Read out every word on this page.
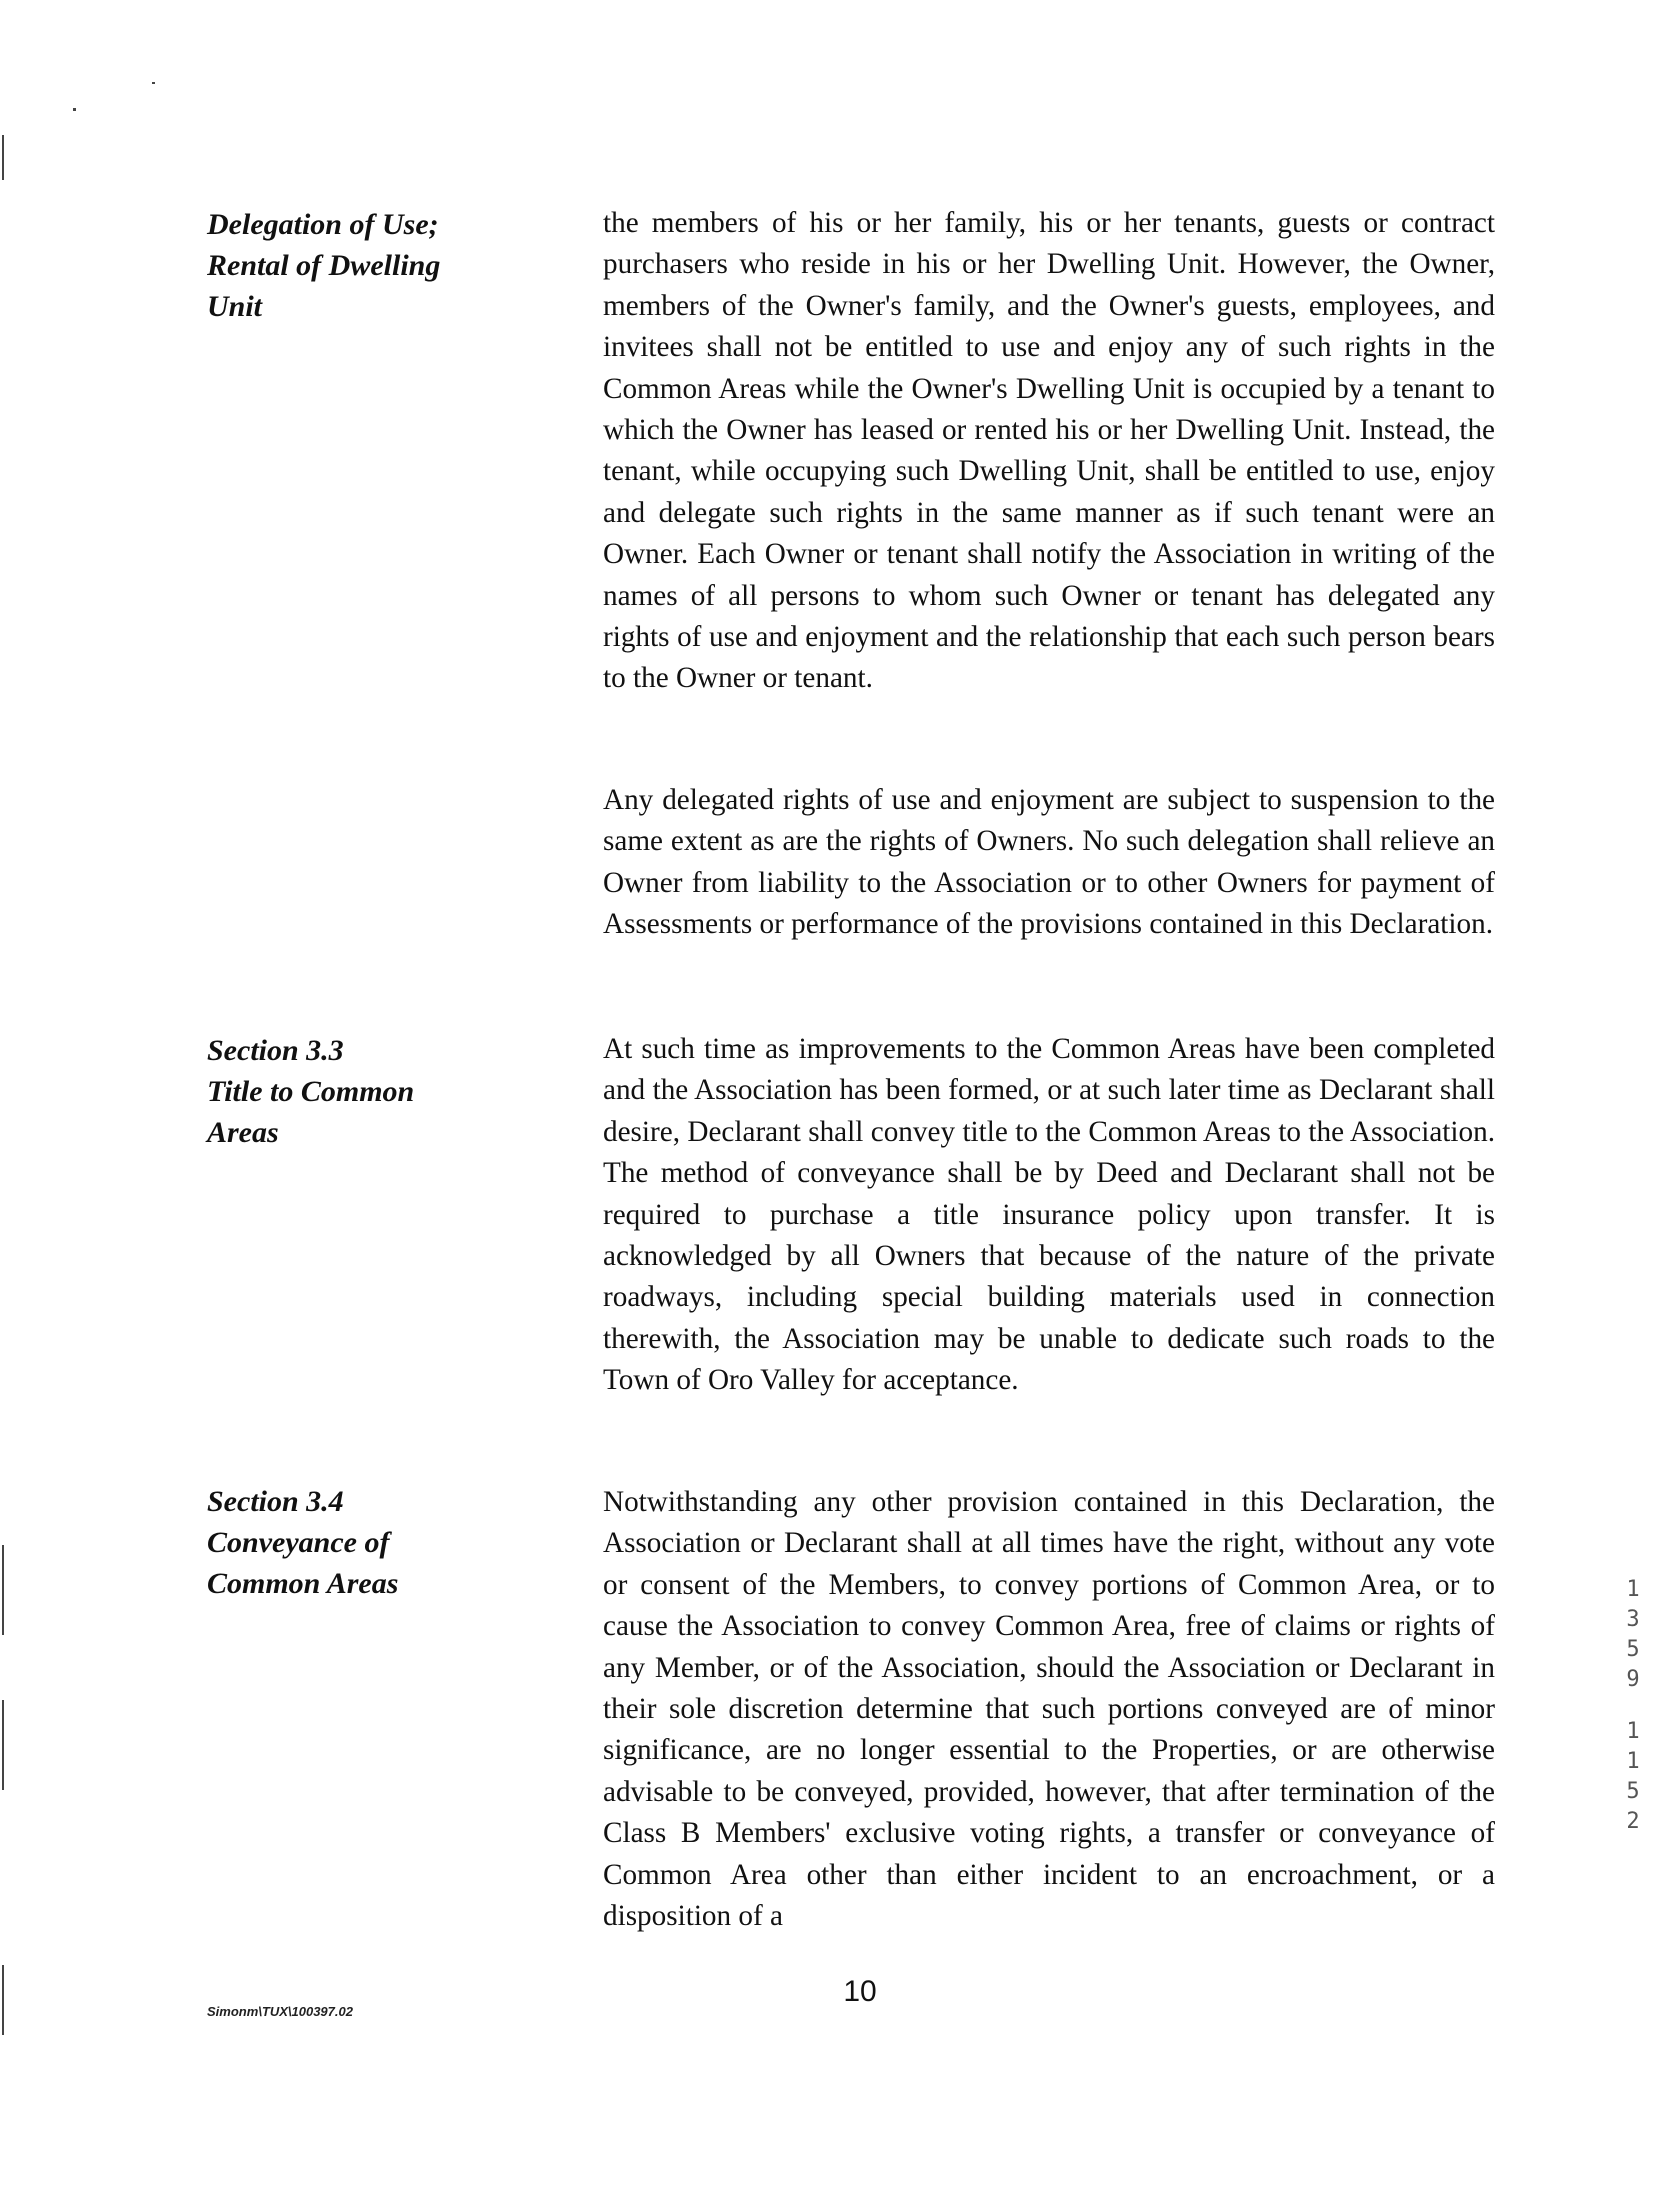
Delegation of Use;
Rental of Dwelling
Unit
the members of his or her family, his or her tenants, guests or contract purchasers who reside in his or her Dwelling Unit. However, the Owner, members of the Owner's family, and the Owner's guests, employees, and invitees shall not be entitled to use and enjoy any of such rights in the Common Areas while the Owner's Dwelling Unit is occupied by a tenant to which the Owner has leased or rented his or her Dwelling Unit. Instead, the tenant, while occupying such Dwelling Unit, shall be entitled to use, enjoy and delegate such rights in the same manner as if such tenant were an Owner. Each Owner or tenant shall notify the Association in writing of the names of all persons to whom such Owner or tenant has delegated any rights of use and enjoyment and the relationship that each such person bears to the Owner or tenant.
Any delegated rights of use and enjoyment are subject to suspension to the same extent as are the rights of Owners. No such delegation shall relieve an Owner from liability to the Association or to other Owners for payment of Assessments or performance of the provisions contained in this Declaration.
Section 3.3
Title to Common
Areas
At such time as improvements to the Common Areas have been completed and the Association has been formed, or at such later time as Declarant shall desire, Declarant shall convey title to the Common Areas to the Association. The method of conveyance shall be by Deed and Declarant shall not be required to purchase a title insurance policy upon transfer. It is acknowledged by all Owners that because of the nature of the private roadways, including special building materials used in connection therewith, the Association may be unable to dedicate such roads to the Town of Oro Valley for acceptance.
Section 3.4
Conveyance of
Common Areas
Notwithstanding any other provision contained in this Declaration, the Association or Declarant shall at all times have the right, without any vote or consent of the Members, to convey portions of Common Area, or to cause the Association to convey Common Area, free of claims or rights of any Member, or of the Association, should the Association or Declarant in their sole discretion determine that such portions conveyed are of minor significance, are no longer essential to the Properties, or are otherwise advisable to be conveyed, provided, however, that after termination of the Class B Members' exclusive voting rights, a transfer or conveyance of Common Area other than either incident to an encroachment, or a disposition of a
1
3
5
9
1
1
5
2
Simonm\TUX\100397.02
10
